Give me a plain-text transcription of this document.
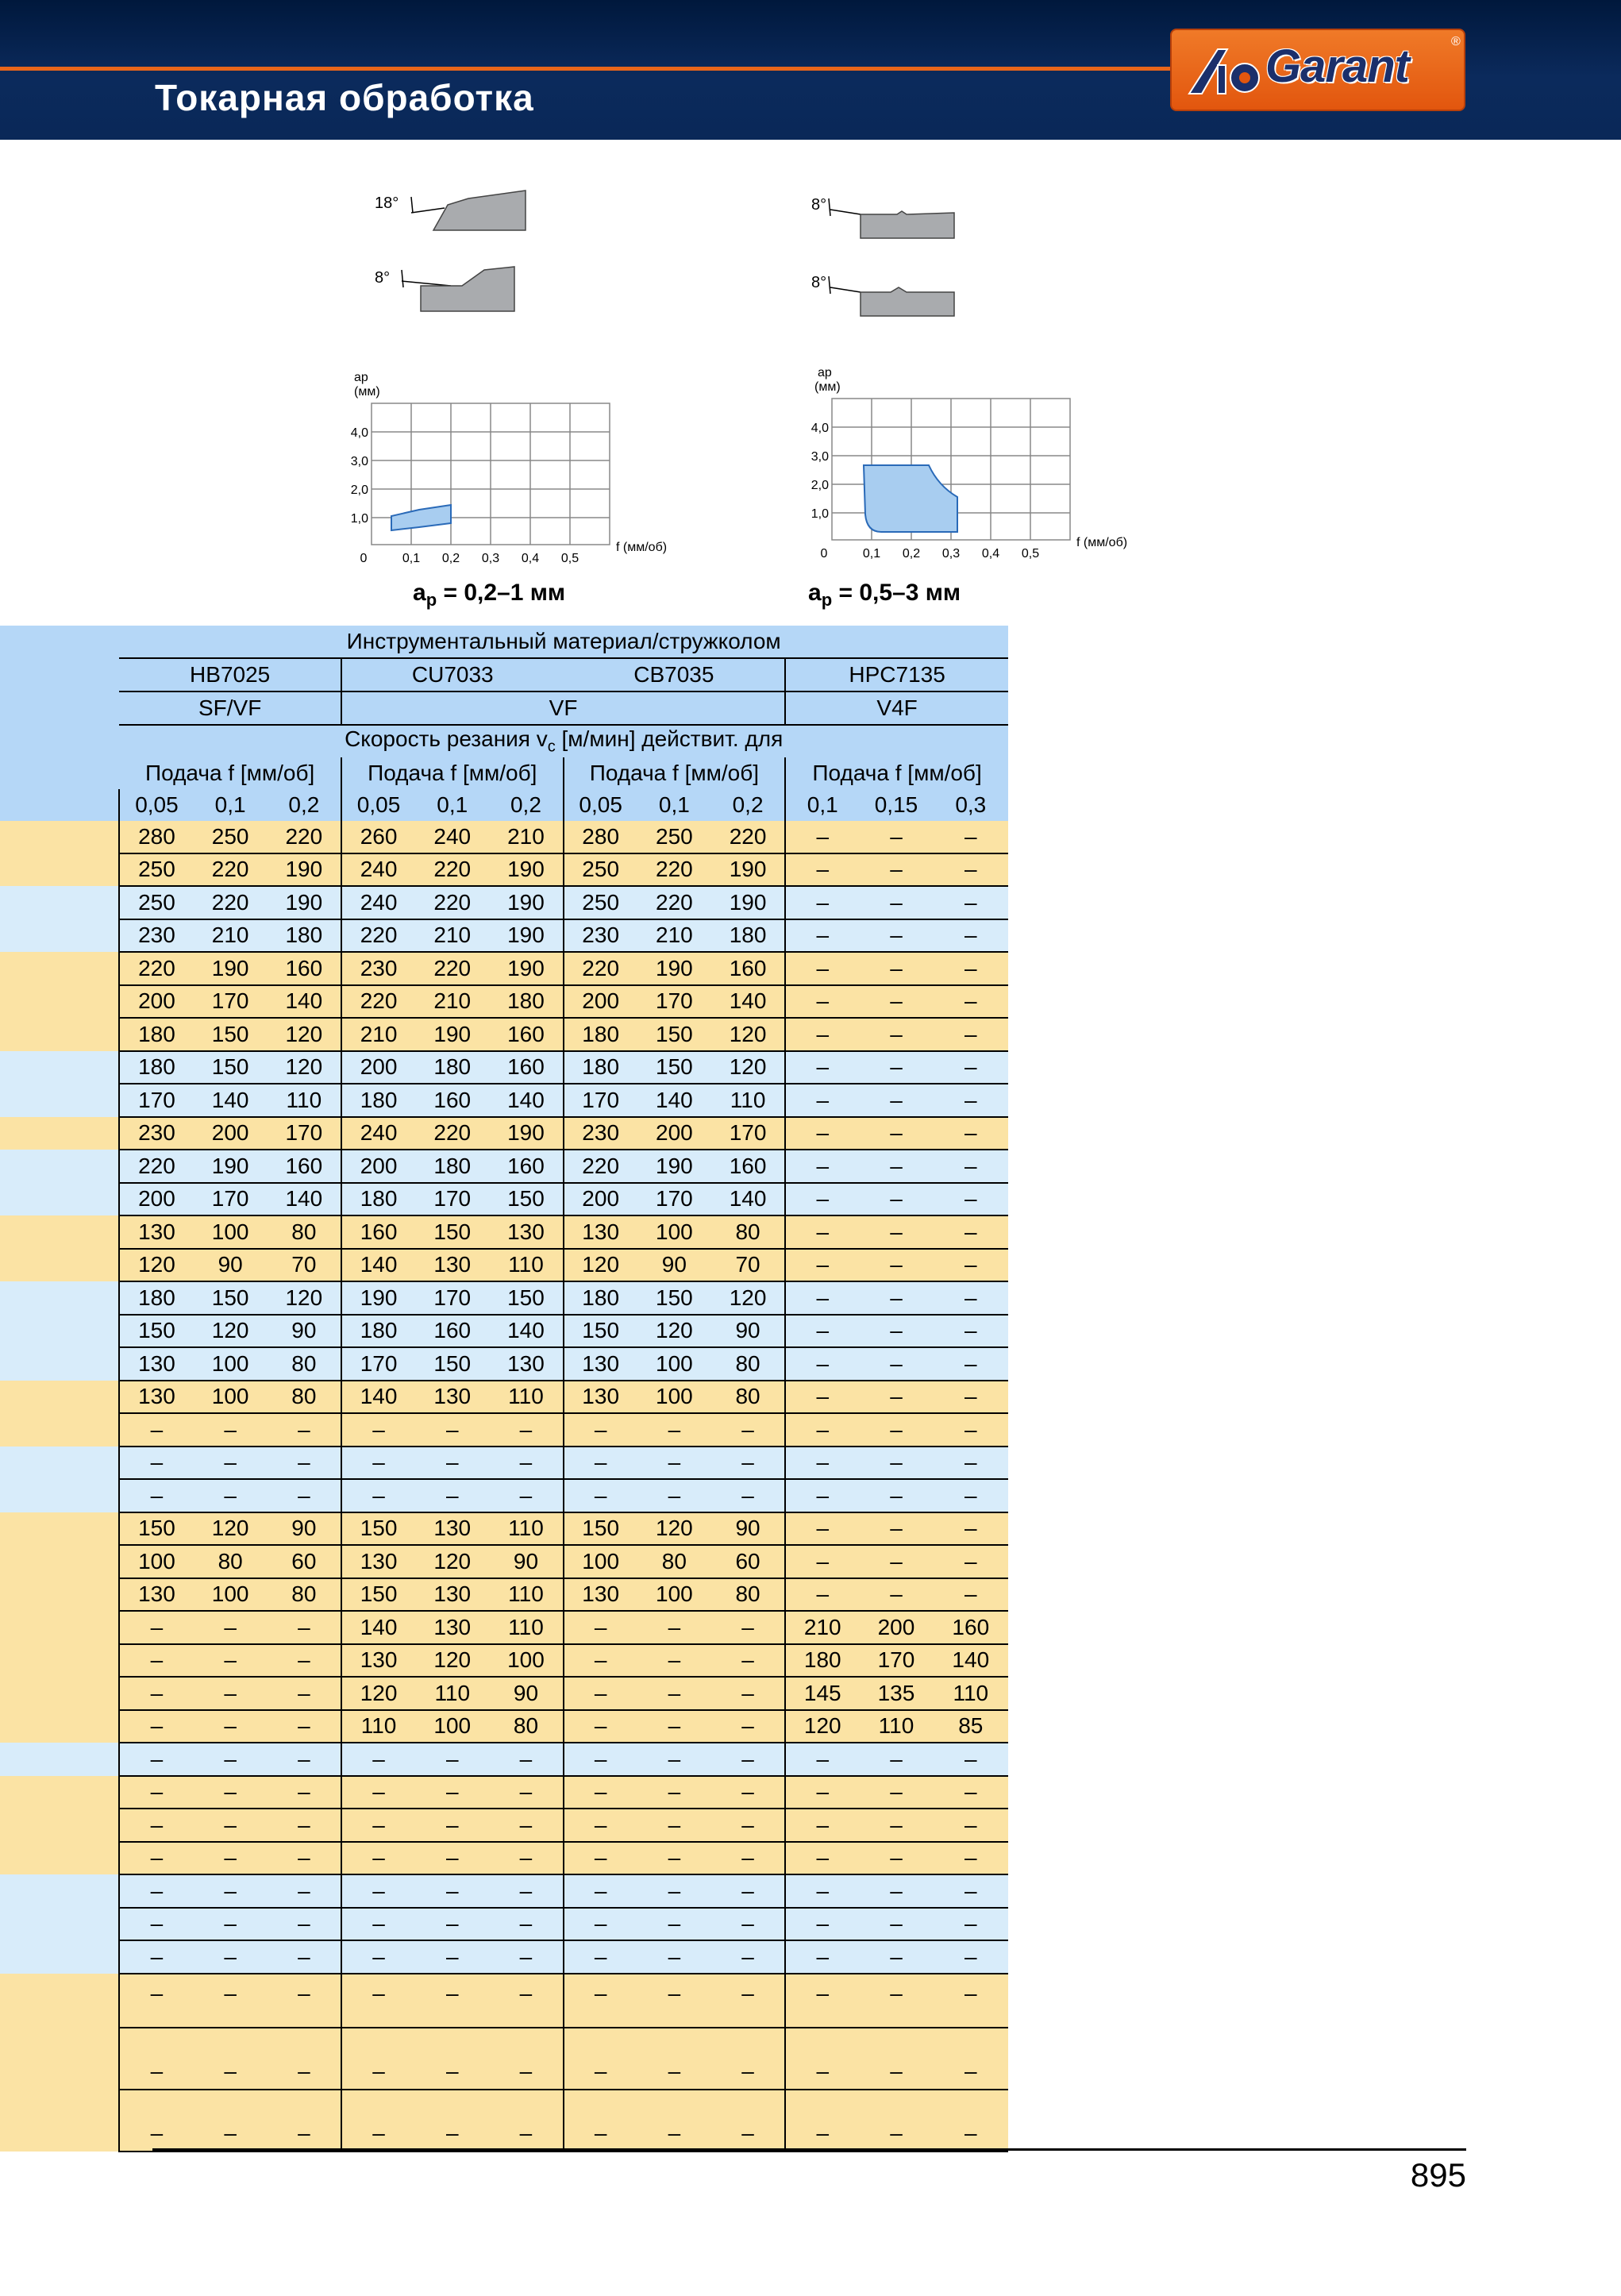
Токарная обработка
Garant	®
18°
8°
ap
(мм)
4,0
3,0
2,0
1,0
0	0,1 0,2 0,3 0,4 0,5
f (мм/об)
$a_p = 0,2-1$ мм
8°
8°
ap
(мм)
4,0
3,0
2,0
1,0
0	0,1 0,2 0,3 0,4 0,5
f (мм/об)
$a_p = 0,5-3$ мм
	Инструментальный материал/стружколом											
	HB7025			CU7033			CB7035			HPC7135		
	SF/VF			VF						V4F		
	Скорость резания $v_c$ [м/мин] действит. для											
	Подача f [мм/об]			Подача f [мм/об]			Подача f [мм/об]			Подача f [мм/об]		
	0,05	0,1	0,2	0,05	0,1	0,2	0,05	0,1	0,2	0,1	0,15	0,3
	280	250	220	260	240	210	280	250	220	–	–	–
	250	220	190	240	220	190	250	220	190	–	–	–
	250	220	190	240	220	190	250	220	190	–	–	–
	230	210	180	220	210	190	230	210	180	–	–	–
	220	190	160	230	220	190	220	190	160	–	–	–
	200	170	140	220	210	180	200	170	140	–	–	–
	180	150	120	210	190	160	180	150	120	–	–	–
	180	150	120	200	180	160	180	150	120	–	–	–
	170	140	110	180	160	140	170	140	110	–	–	–
	230	200	170	240	220	190	230	200	170	–	–	–
	220	190	160	200	180	160	220	190	160	–	–	–
	200	170	140	180	170	150	200	170	140	–	–	–
	130	100	80	160	150	130	130	100	80	–	–	–
	120	90	70	140	130	110	120	90	70	–	–	–
	180	150	120	190	170	150	180	150	120	–	–	–
	150	120	90	180	160	140	150	120	90	–	–	–
	130	100	80	170	150	130	130	100	80	–	–	–
	130	100	80	140	130	110	130	100	80	–	–	–
	–	–	–	–	–	–	–	–	–	–	–	–
	–	–	–	–	–	–	–	–	–	–	–	–
	–	–	–	–	–	–	–	–	–	–	–	–
	150	120	90	150	130	110	150	120	90	–	–	–
	100	80	60	130	120	90	100	80	60	–	–	–
	130	100	80	150	130	110	130	100	80	–	–	–
	–	–	–	140	130	110	–	–	–	210	200	160
	–	–	–	130	120	100	–	–	–	180	170	140
	–	–	–	120	110	90	–	–	–	145	135	110
	–	–	–	110	100	80	–	–	–	120	110	85
	–	–	–	–	–	–	–	–	–	–	–	–
	–	–	–	–	–	–	–	–	–	–	–	–
	–	–	–	–	–	–	–	–	–	–	–	–
	–	–	–	–	–	–	–	–	–	–	–	–
	–	–	–	–	–	–	–	–	–	–	–	–
	–	–	–	–	–	–	–	–	–	–	–	–
	–	–	–	–	–	–	–	–	–	–	–	–
	–	–	–	–	–	–	–	–	–	–	–	–
	–	–	–	–	–	–	–	–	–	–	–	–
	–	–	–	–	–	–	–	–	–	–	–	–
895
